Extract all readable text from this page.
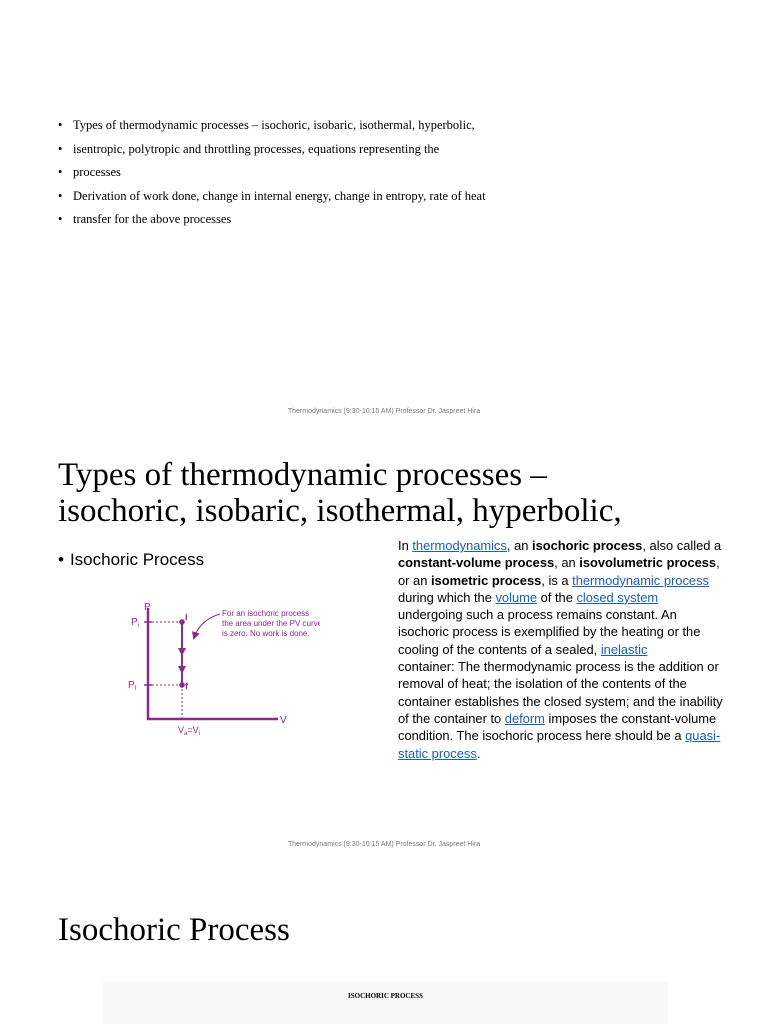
• Types of thermodynamic processes – isochoric, isobaric, isothermal, hyperbolic,
• isentropic, polytropic and throttling processes, equations representing the
• processes
• Derivation of work done, change in internal energy, change in entropy, rate of heat
• transfer for the above processes
Thermodynamics (9:30-10:15 AM) Professor Dr. Jaspreet Hira
Types of thermodynamic processes –
isochoric, isobaric, isothermal, hyperbolic,
• Isochoric Process
P
V
$P_i$
$P_f$
i
f
$V_a=V_i$
For an isochoric process
the area under the PV curve
is zero. No work is done.
In thermodynamics, an isochoric process, also called a constant-volume process, an isovolumetric process, or an isometric process, is a thermodynamic process during which the volume of the closed system
undergoing such a process remains constant. An isochoric process is exemplified by the heating or the cooling of the contents of a sealed, inelastic
container: The thermodynamic process is the addition or removal of heat; the isolation of the contents of the container establishes the closed system; and the inability of the container to deform imposes the constant-volume condition. The isochoric process here should be a quasi-static process.
Thermodynamics (9:30-10:15 AM) Professor Dr. Jaspreet Hira
Isochoric Process
ISOCHORIC PROCESS
